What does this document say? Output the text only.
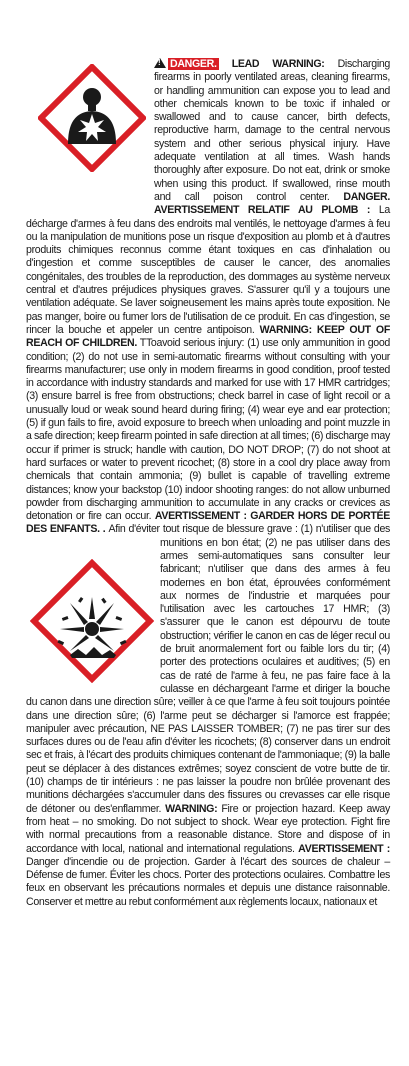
!DANGER. LEAD WARNING: Discharging firearms in poorly ventilated areas, cleaning firearms, or handling ammunition can expose you to lead and other chemicals known to be toxic if inhaled or swallowed and to cause cancer, birth defects, reproductive harm, damage to the central nervous system and other serious physical injury. Have adequate ventilation at all times. Wash hands thoroughly after exposure. Do not eat, drink or smoke when using this product. If swallowed, rinse mouth and call poison control center. DANGER. AVERTISSEMENT RELATIF AU PLOMB : La décharge d'armes à feu dans des endroits mal ventilés, le nettoyage d'armes à feu ou la manipulation de munitions pose un risque d'exposition au plomb et à d'autres produits chimiques reconnus comme étant toxiques en cas d'inhalation ou d'ingestion et comme susceptibles de causer le cancer, des anomalies congénitales, des troubles de la reproduction, des dommages au système nerveux central et d'autres préjudices physiques graves. S'assurer qu'il y a toujours une ventilation adéquate. Se laver soigneusement les mains après toute exposition. Ne pas manger, boire ou fumer lors de l'utilisation de ce produit. En cas d'ingestion, se rincer la bouche et appeler un centre antipoison. WARNING: KEEP OUT OF REACH OF CHILDREN. TToavoid serious injury: (1) use only ammunition in good condition; (2) do not use in semi-automatic firearms without consulting with your firearms manufacturer; use only in modern firearms in good condition, proof tested in accordance with industry standards and marked for use with 17 HMR cartridges; (3) ensure barrel is free from obstructions; check barrel in case of light recoil or a unusually loud or weak sound heard during firing; (4) wear eye and ear protection; (5) if gun fails to fire, avoid exposure to breech when unloading and point muzzle in a safe direction; keep firearm pointed in safe direction at all times; (6) discharge may occur if primer is struck; handle with caution, DO NOT DROP; (7) do not shoot at hard surfaces or water to prevent ricochet; (8) store in a cool dry place away from chemicals that contain ammonia; (9) bullet is capable of travelling extreme distances; know your backstop (10) indoor shooting ranges: do not allow unburned powder from discharging ammunition to accumulate in any cracks or crevices as detonation or fire can occur. AVERTISSEMENT : GARDER HORS DE PORTÉE DES ENFANTS. . Afin d'éviter tout risque de blessure grave : (1) n'utiliser que des munitions en bon état; (2) ne pas utiliser dans des armes semi-automatiques sans consulter leur fabricant; n'utiliser que dans des armes à feu modernes en bon état, éprouvées conformément aux normes de l'industrie et marquées pour l'utilisation avec les cartouches 17 HMR; (3) s'assurer que le canon est dépourvu de toute obstruction; vérifier le canon en cas de léger recul ou de bruit anormalement fort ou faible lors du tir; (4) porter des protections oculaires et auditives; (5) en cas de raté de l'arme à feu, ne pas faire face à la culasse en déchargeant l'arme et diriger la bouche du canon dans une direction sûre; veiller à ce que l'arme à feu soit toujours pointée dans une direction sûre; (6) l'arme peut se décharger si l'amorce est frappée; manipuler avec précaution, NE PAS LAISSER TOMBER; (7) ne pas tirer sur des surfaces dures ou de l'eau afin d'éviter les ricochets; (8) conserver dans un endroit sec et frais, à l'écart des produits chimiques contenant de l'ammoniaque; (9) la balle peut se déplacer à des distances extrêmes; soyez conscient de votre butte de tir. (10) champs de tir intérieurs : ne pas laisser la poudre non brûlée provenant des munitions déchargées s'accumuler dans des fissures ou crevasses car elle risque de détoner ou des'enflammer. WARNING: Fire or projection hazard. Keep away from heat – no smoking. Do not subject to shock. Wear eye protection. Fight fire with normal precautions from a reasonable distance. Store and dispose of in accordance with local, national and international regulations. AVERTISSEMENT : Danger d'incendie ou de projection. Garder à l'écart des sources de chaleur – Défense de fumer. Éviter les chocs. Porter des protections oculaires. Combattre les feux en observant les précautions normales et depuis une distance raisonnable. Conserver et mettre au rebut conformément aux règlements locaux, nationaux et
